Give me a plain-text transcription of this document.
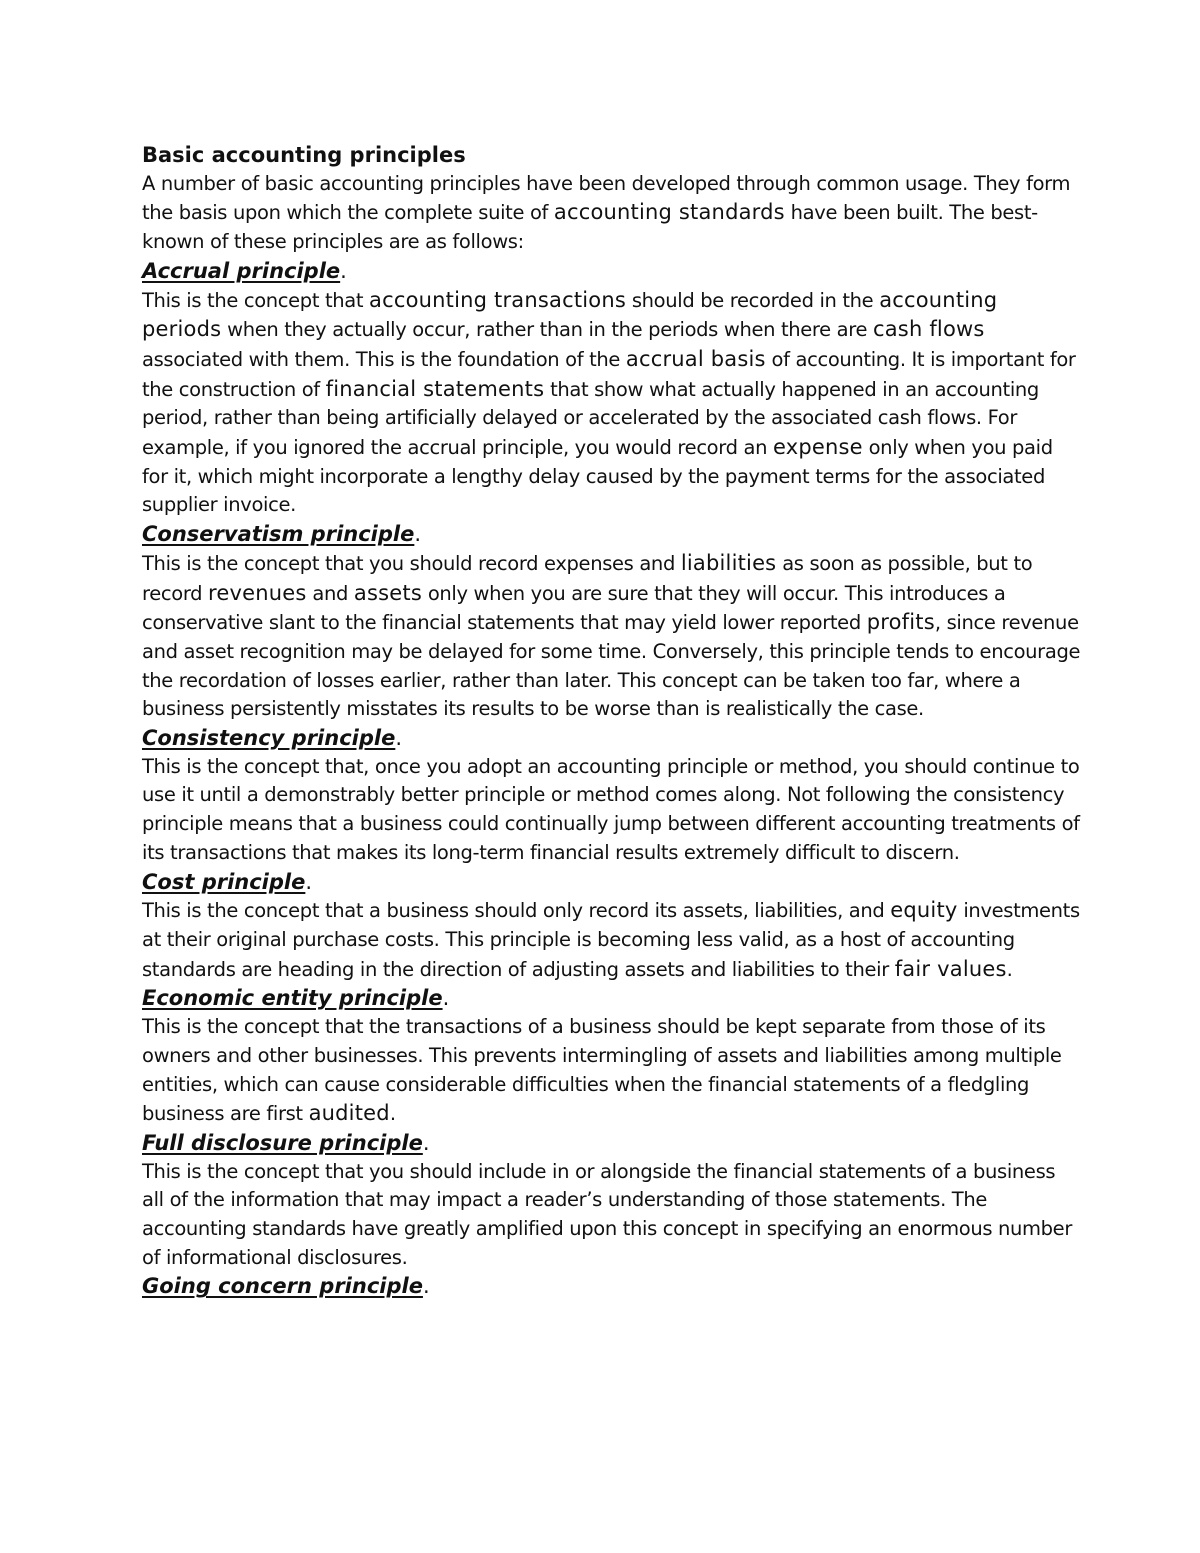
Basic accounting principles

A number of basic accounting principles have been developed through common usage. They form the basis upon which the complete suite of accounting standards have been built. The best-known of these principles are as follows:

Accrual principle.

This is the concept that accounting transactions should be recorded in the accounting periods when they actually occur, rather than in the periods when there are cash flows associated with them. This is the foundation of the accrual basis of accounting. It is important for the construction of financial statements that show what actually happened in an accounting period, rather than being artificially delayed or accelerated by the associated cash flows. For example, if you ignored the accrual principle, you would record an expense only when you paid for it, which might incorporate a lengthy delay caused by the payment terms for the associated supplier invoice.

Conservatism principle.

This is the concept that you should record expenses and liabilities as soon as possible, but to record revenues and assets only when you are sure that they will occur. This introduces a conservative slant to the financial statements that may yield lower reported profits, since revenue and asset recognition may be delayed for some time. Conversely, this principle tends to encourage the recordation of losses earlier, rather than later. This concept can be taken too far, where a business persistently misstates its results to be worse than is realistically the case.

Consistency principle.

This is the concept that, once you adopt an accounting principle or method, you should continue to use it until a demonstrably better principle or method comes along. Not following the consistency principle means that a business could continually jump between different accounting treatments of its transactions that makes its long-term financial results extremely difficult to discern.

Cost principle.

This is the concept that a business should only record its assets, liabilities, and equity investments at their original purchase costs. This principle is becoming less valid, as a host of accounting standards are heading in the direction of adjusting assets and liabilities to their fair values.

Economic entity principle.

This is the concept that the transactions of a business should be kept separate from those of its owners and other businesses. This prevents intermingling of assets and liabilities among multiple entities, which can cause considerable difficulties when the financial statements of a fledgling business are first audited.

Full disclosure principle.

This is the concept that you should include in or alongside the financial statements of a business all of the information that may impact a reader’s understanding of those statements. The accounting standards have greatly amplified upon this concept in specifying an enormous number of informational disclosures.

Going concern principle.
